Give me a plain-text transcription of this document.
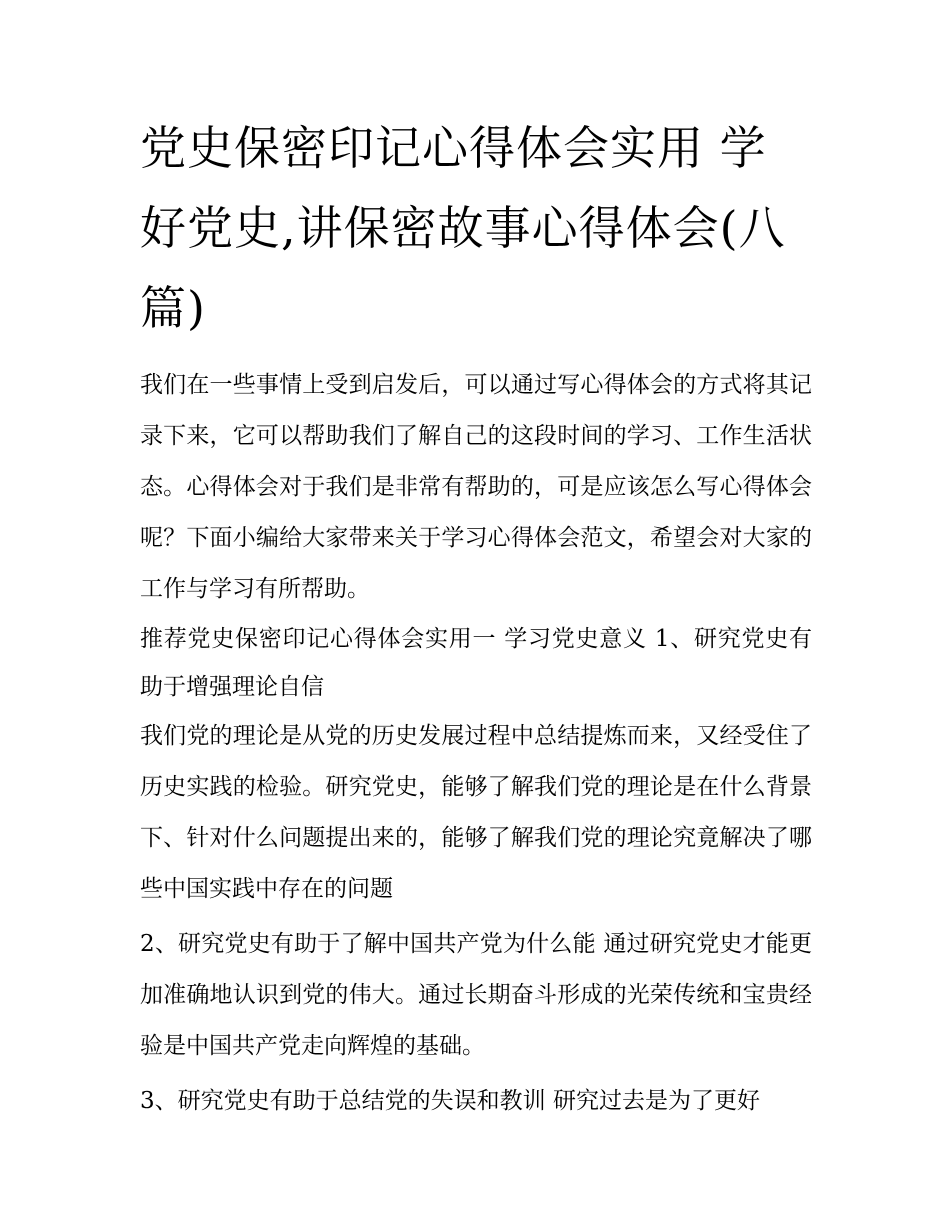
党史保密印记心得体会实用 学好党史,讲保密故事心得体会(八篇)

我们在一些事情上受到启发后，可以通过写心得体会的方式将其记录下来，它可以帮助我们了解自己的这段时间的学习、工作生活状态。心得体会对于我们是非常有帮助的，可是应该怎么写心得体会呢？下面小编给大家带来关于学习心得体会范文，希望会对大家的工作与学习有所帮助。

推荐党史保密印记心得体会实用一 学习党史意义 1、研究党史有助于增强理论自信

我们党的理论是从党的历史发展过程中总结提炼而来，又经受住了历史实践的检验。研究党史，能够了解我们党的理论是在什么背景下、针对什么问题提出来的，能够了解我们党的理论究竟解决了哪些中国实践中存在的问题

2、研究党史有助于了解中国共产党为什么能 通过研究党史才能更加准确地认识到党的伟大。通过长期奋斗形成的光荣传统和宝贵经验是中国共产党走向辉煌的基础。

3、研究党史有助于总结党的失误和教训 研究过去是为了更好
